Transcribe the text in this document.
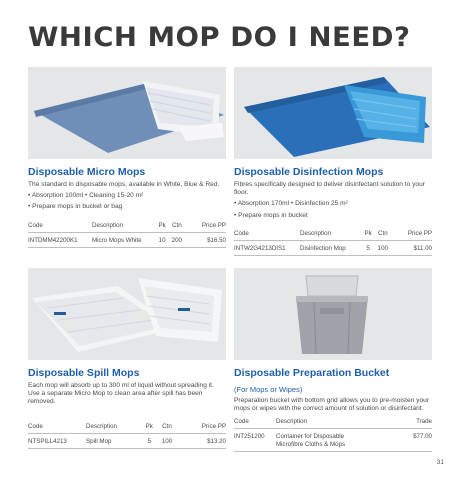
WHICH MOP DO I NEED?
Disposable Micro Mops
The standard in disposable mops, available in White, Blue & Red.
• Absorption 100ml • Cleaning 15-20 m²
• Prepare mops in bucket or bag
Code	Description	Pk	Ctn	Price PP
INTDMM42200K1	Micro Mops White	10	200	$16.50
Disposable Disinfection Mops
Fibres specifically designed to deliver disinfectant solution to your floor.
• Absorption 170ml • Disinfection 25 m²
• Prepare mops in bucket
Code	Description	Pk	Ctn	Price PP
INTW2G4213DIS1	Disinfection Mop	5	100	$11.00
Disposable Spill Mops
Each mop will absorb up to 300 ml of liquid without spreading it. Use a separate Micro Mop to clean area after spill has been removed.
Code	Description	Pk	Ctn	Price PP
NTSPILL4213	Spill Mop	5	100	$13.20
Disposable Preparation Bucket
(For Mops or Wipes)
Preparation bucket with bottom grid allows you to pre-moisten your mops or wipes with the correct amount of solution or disinfectant.
Code	Description	Trade
INT251200	Container for Disposable Microfibre Cloths & Mops	$77.00
31
